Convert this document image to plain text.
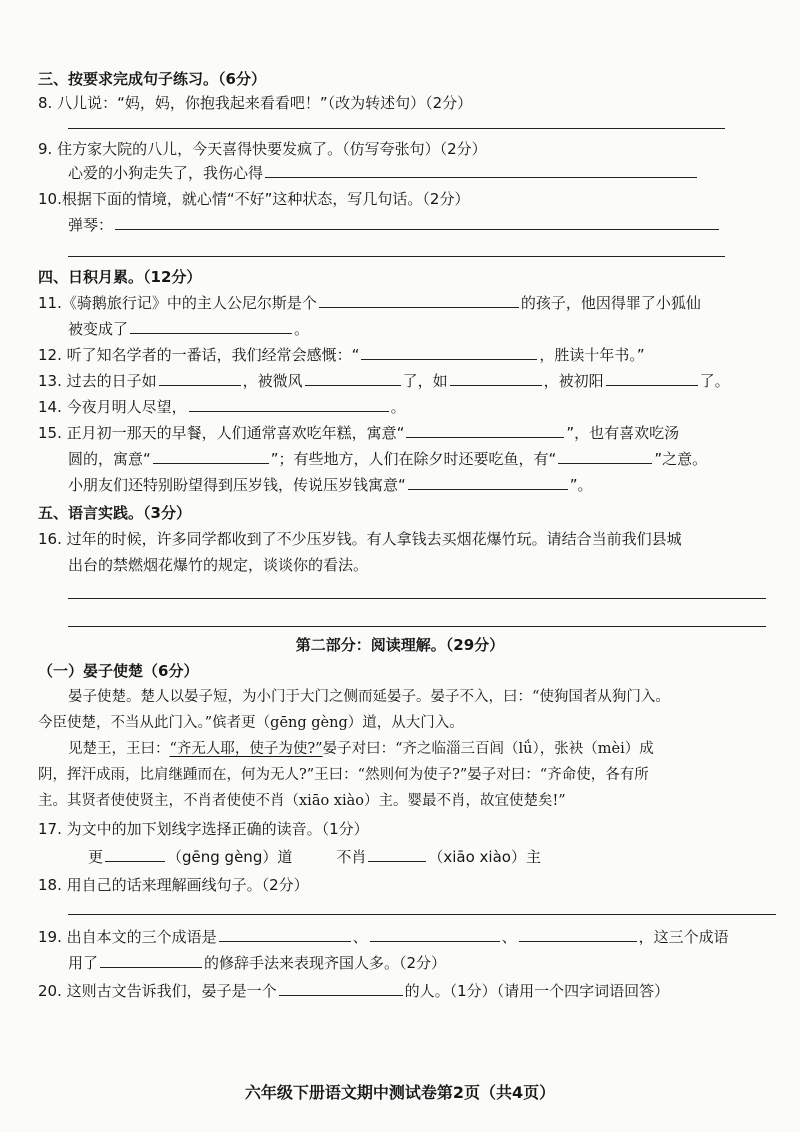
三、按要求完成句子练习。（6分）
8. 八儿说：“妈，妈，你抱我起来看看吧！”（改为转述句）（2分）
9. 住方家大院的八儿，今天喜得快要发疯了。（仿写夸张句）（2分）
心爱的小狗走失了，我伤心得
10.根据下面的情境，就心情“不好”这种状态，写几句话。（2分）
弹琴：
四、日积月累。（12分）
11.《骑鹅旅行记》中的主人公尼尔斯是个	的孩子，他因得罪了小狐仙
被变成了	。
12. 听了知名学者的一番话，我们经常会感慨：“	，胜读十年书。”
13. 过去的日子如	，被微风	了，如	，被初阳	了。
14. 今夜月明人尽望，	。
15. 正月初一那天的早餐，人们通常喜欢吃年糕，寓意“	”，也有喜欢吃汤
圆的，寓意“	”；有些地方，人们在除夕时还要吃鱼，有“	”之意。
小朋友们还特别盼望得到压岁钱，传说压岁钱寓意“	”。
五、语言实践。（3分）
16. 过年的时候，许多同学都收到了不少压岁钱。有人拿钱去买烟花爆竹玩。请结合当前我们县城
出台的禁燃烟花爆竹的规定，谈谈你的看法。
第二部分：阅读理解。（29分）
（一）晏子使楚（6分）
晏子使楚。楚人以晏子短，为小门于大门之侧而延晏子。晏子不入，曰：“使狗国者从狗门入。
今臣使楚，不当从此门入。”傧者更（gēng gèng）道，从大门入。
见楚王，王曰：“齐无人耶，使子为使?”晏子对曰：“齐之临淄三百闾（lǘ），张袂（mèi）成
阴，挥汗成雨，比肩继踵而在，何为无人?”王曰：“然则何为使子?”晏子对曰：“齐命使，各有所
主。其贤者使使贤主，不肖者使使不肖（xiāo xiào）主。婴最不肖，故宜使楚矣!”
17. 为文中的加下划线字选择正确的读音。（1分）
更	（gēng gèng）道	不肖	（xiāo xiào）主
18. 用自己的话来理解画线句子。（2分）
19. 出自本文的三个成语是	、	、	，这三个成语
用了	的修辞手法来表现齐国人多。（2分）
20. 这则古文告诉我们，晏子是一个	的人。（1分）（请用一个四字词语回答）
六年级下册语文期中测试卷第2页（共4页）
